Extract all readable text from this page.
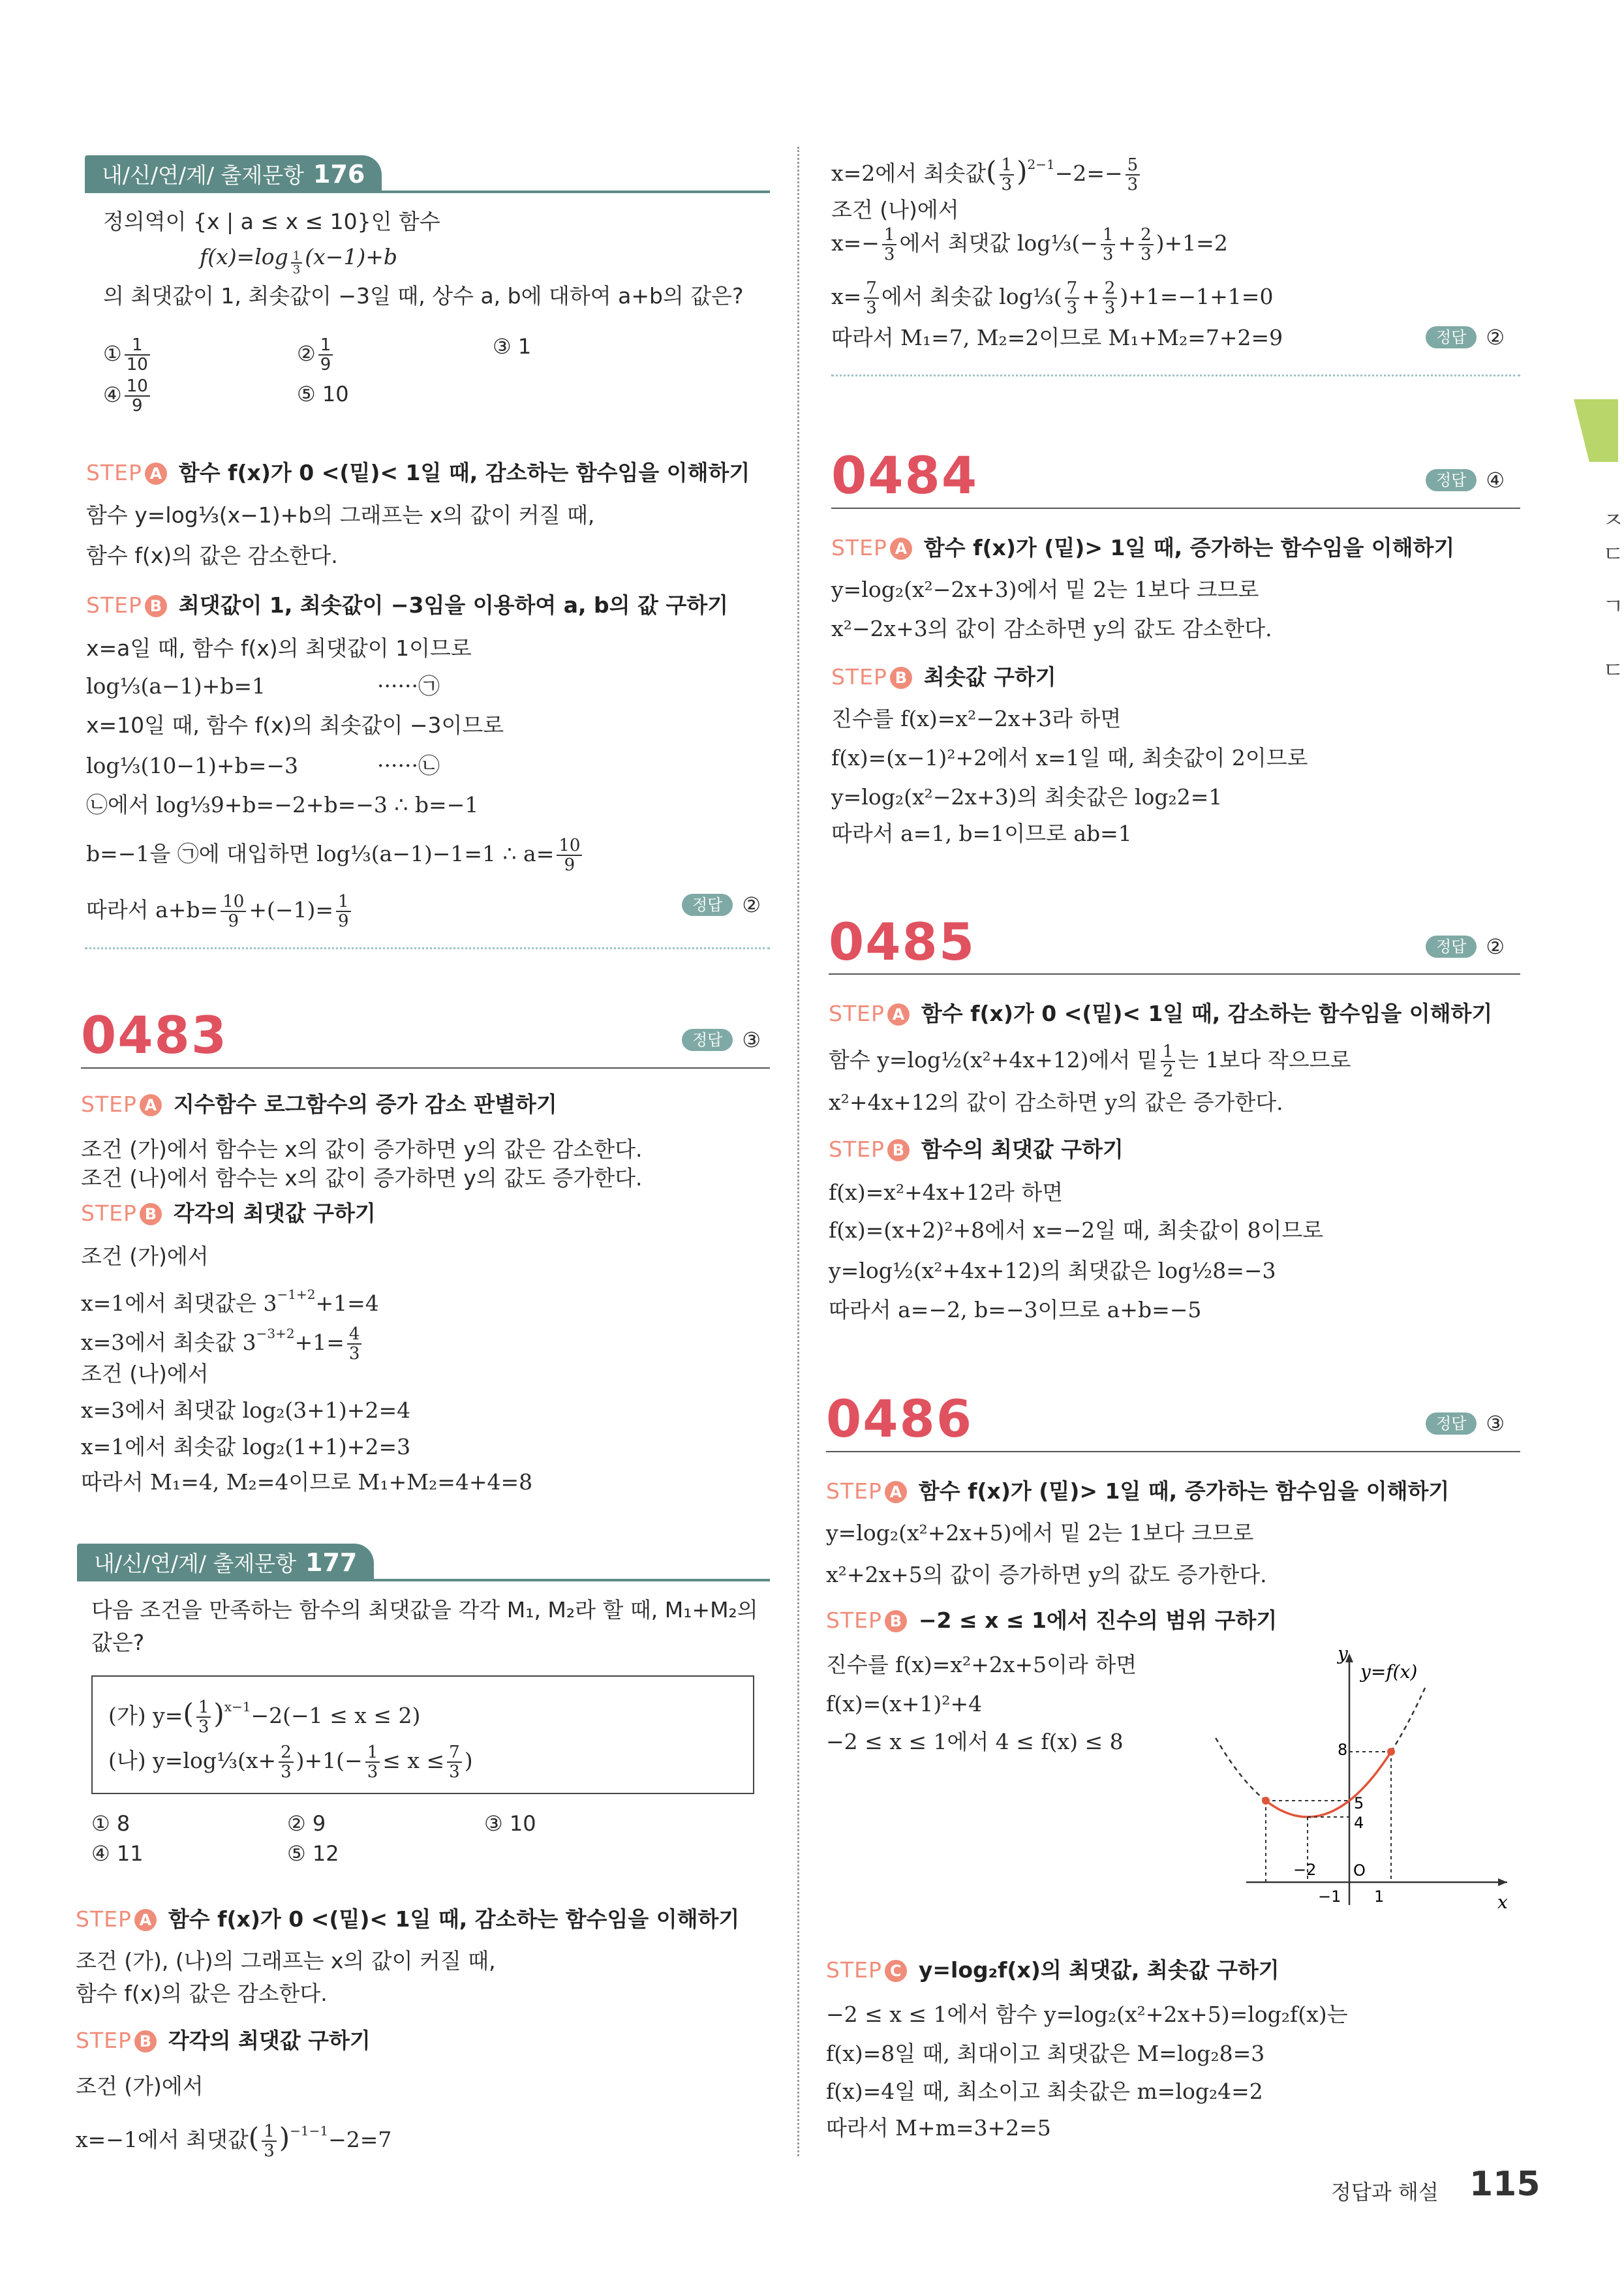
내/신/연/계/ 출제문항 176
정의역이 {x | a ≤ x ≤ 10}인 함수
$f(x)=\log \frac{1}{3} (x-1)+b$
의 최댓값이 1, 최솟값이 −3일 때, 상수 a, b에 대하여 a+b의 값은?
① $\frac{1}{10}$	② $\frac{1}{9}$	③ 1
④ $\frac{10}{9}$	⑤ 10
STEP A 함수 f(x)가 0 <(밑)< 1일 때, 감소하는 함수임을 이해하기
함수 y=log⅓(x−1)+b의 그래프는 x의 값이 커질 때,
함수 f(x)의 값은 감소한다.
STEP B 최댓값이 1, 최솟값이 −3임을 이용하여 a, b의 값 구하기
x=a일 때, 함수 f(x)의 최댓값이 1이므로
log⅓(a−1)+b=1	······㉠
x=10일 때, 함수 f(x)의 최솟값이 −3이므로
log⅓(10−1)+b=−3	······㉡
㉡에서 log⅓9+b=−2+b=−3 ∴ b=−1
b=−1을 ㉠에 대입하면 log⅓(a−1)−1=1 ∴ $a= \frac{10}{9}$
따라서 $a+b= \frac{10}{9} +(-1)= \frac{1}{9}$	정답 ②
0483	정답 ③
STEP A 지수함수 로그함수의 증가 감소 판별하기
조건 (가)에서 함수는 x의 값이 증가하면 y의 값은 감소한다.
조건 (나)에서 함수는 x의 값이 증가하면 y의 값도 증가한다.
STEP B 각각의 최댓값 구하기
조건 (가)에서
x=1에서 최댓값은 $3^{-1+2}+1=4$
x=3에서 최솟값 $3^{-3+2}+1= \frac{4}{3}$
조건 (나)에서
x=3에서 최댓값 log₂(3+1)+2=4
x=1에서 최솟값 log₂(1+1)+2=3
따라서 M₁=4, M₂=4이므로 M₁+M₂=4+4=8
내/신/연/계/ 출제문항 177
다음 조건을 만족하는 함수의 최댓값을 각각 M₁, M₂라 할 때, M₁+M₂의
값은?
(가) $y=( \frac{1}{3} )^{x-1}-2(-1 \le x \le 2)$
(나) y=log⅓(x+ $\frac{2}{3} )+1(- \frac{1}{3} \le x \le \frac{7}{3}$ )
① 8	② 9	③ 10
④ 11	⑤ 12
STEP A 함수 f(x)가 0 <(밑)< 1일 때, 감소하는 함수임을 이해하기
조건 (가), (나)의 그래프는 x의 값이 커질 때,
함수 f(x)의 값은 감소한다.
STEP B 각각의 최댓값 구하기
조건 (가)에서
x=−1에서 최댓값( $\frac{1}{3} )^{-1-1}-2=7$
x=2에서 최솟값( $\frac{1}{3} )^{2-1}-2=- \frac{5}{3}$
조건 (나)에서
$x=- \frac{1}{3}$ 에서 최댓값 log⅓(− $\frac{1}{3} + \frac{2}{3} )+1=2$
$x= \frac{7}{3}$ 에서 최솟값 log⅓( $\frac{7}{3} + \frac{2}{3} )+1=-1+1=0$
따라서 M₁=7, M₂=2이므로 M₁+M₂=7+2=9	정답 ②
0484	정답 ④
STEP A 함수 f(x)가 (밑)> 1일 때, 증가하는 함수임을 이해하기
y=log₂(x²−2x+3)에서 밑 2는 1보다 크므로
x²−2x+3의 값이 감소하면 y의 값도 감소한다.
STEP B 최솟값 구하기
진수를 f(x)=x²−2x+3라 하면
f(x)=(x−1)²+2에서 x=1일 때, 최솟값이 2이므로
y=log₂(x²−2x+3)의 최솟값은 log₂2=1
따라서 a=1, b=1이므로 ab=1
0485	정답 ②
STEP A 함수 f(x)가 0 <(밑)< 1일 때, 감소하는 함수임을 이해하기
함수 y=log½(x²+4x+12)에서 밑 $\frac{1}{2}$ 는 1보다 작으므로
x²+4x+12의 값이 감소하면 y의 값은 증가한다.
STEP B 함수의 최댓값 구하기
f(x)=x²+4x+12라 하면
f(x)=(x+2)²+8에서 x=−2일 때, 최솟값이 8이므로
y=log½(x²+4x+12)의 최댓값은 log½8=−3
따라서 a=−2, b=−3이므로 a+b=−5
0486	정답 ③
STEP A 함수 f(x)가 (밑)> 1일 때, 증가하는 함수임을 이해하기
y=log₂(x²+2x+5)에서 밑 2는 1보다 크므로
x²+2x+5의 값이 증가하면 y의 값도 증가한다.
STEP B −2 ≤ x ≤ 1에서 진수의 범위 구하기
진수를 f(x)=x²+2x+5이라 하면
f(x)=(x+1)²+4
−2 ≤ x ≤ 1에서 4 ≤ f(x) ≤ 8
y
x
y=f(x)
O
−2
−1 1
8
5
4
STEP C y=log₂f(x)의 최댓값, 최솟값 구하기
−2 ≤ x ≤ 1에서 함수 y=log₂(x²+2x+5)=log₂f(x)는
f(x)=8일 때, 최대이고 최댓값은 M=log₂8=3
f(x)=4일 때, 최소이고 최솟값은 m=log₂4=2
따라서 M+m=3+2=5
ㅈ
ㄷ
ㄱ
ㄷ
정답과 해설 115
